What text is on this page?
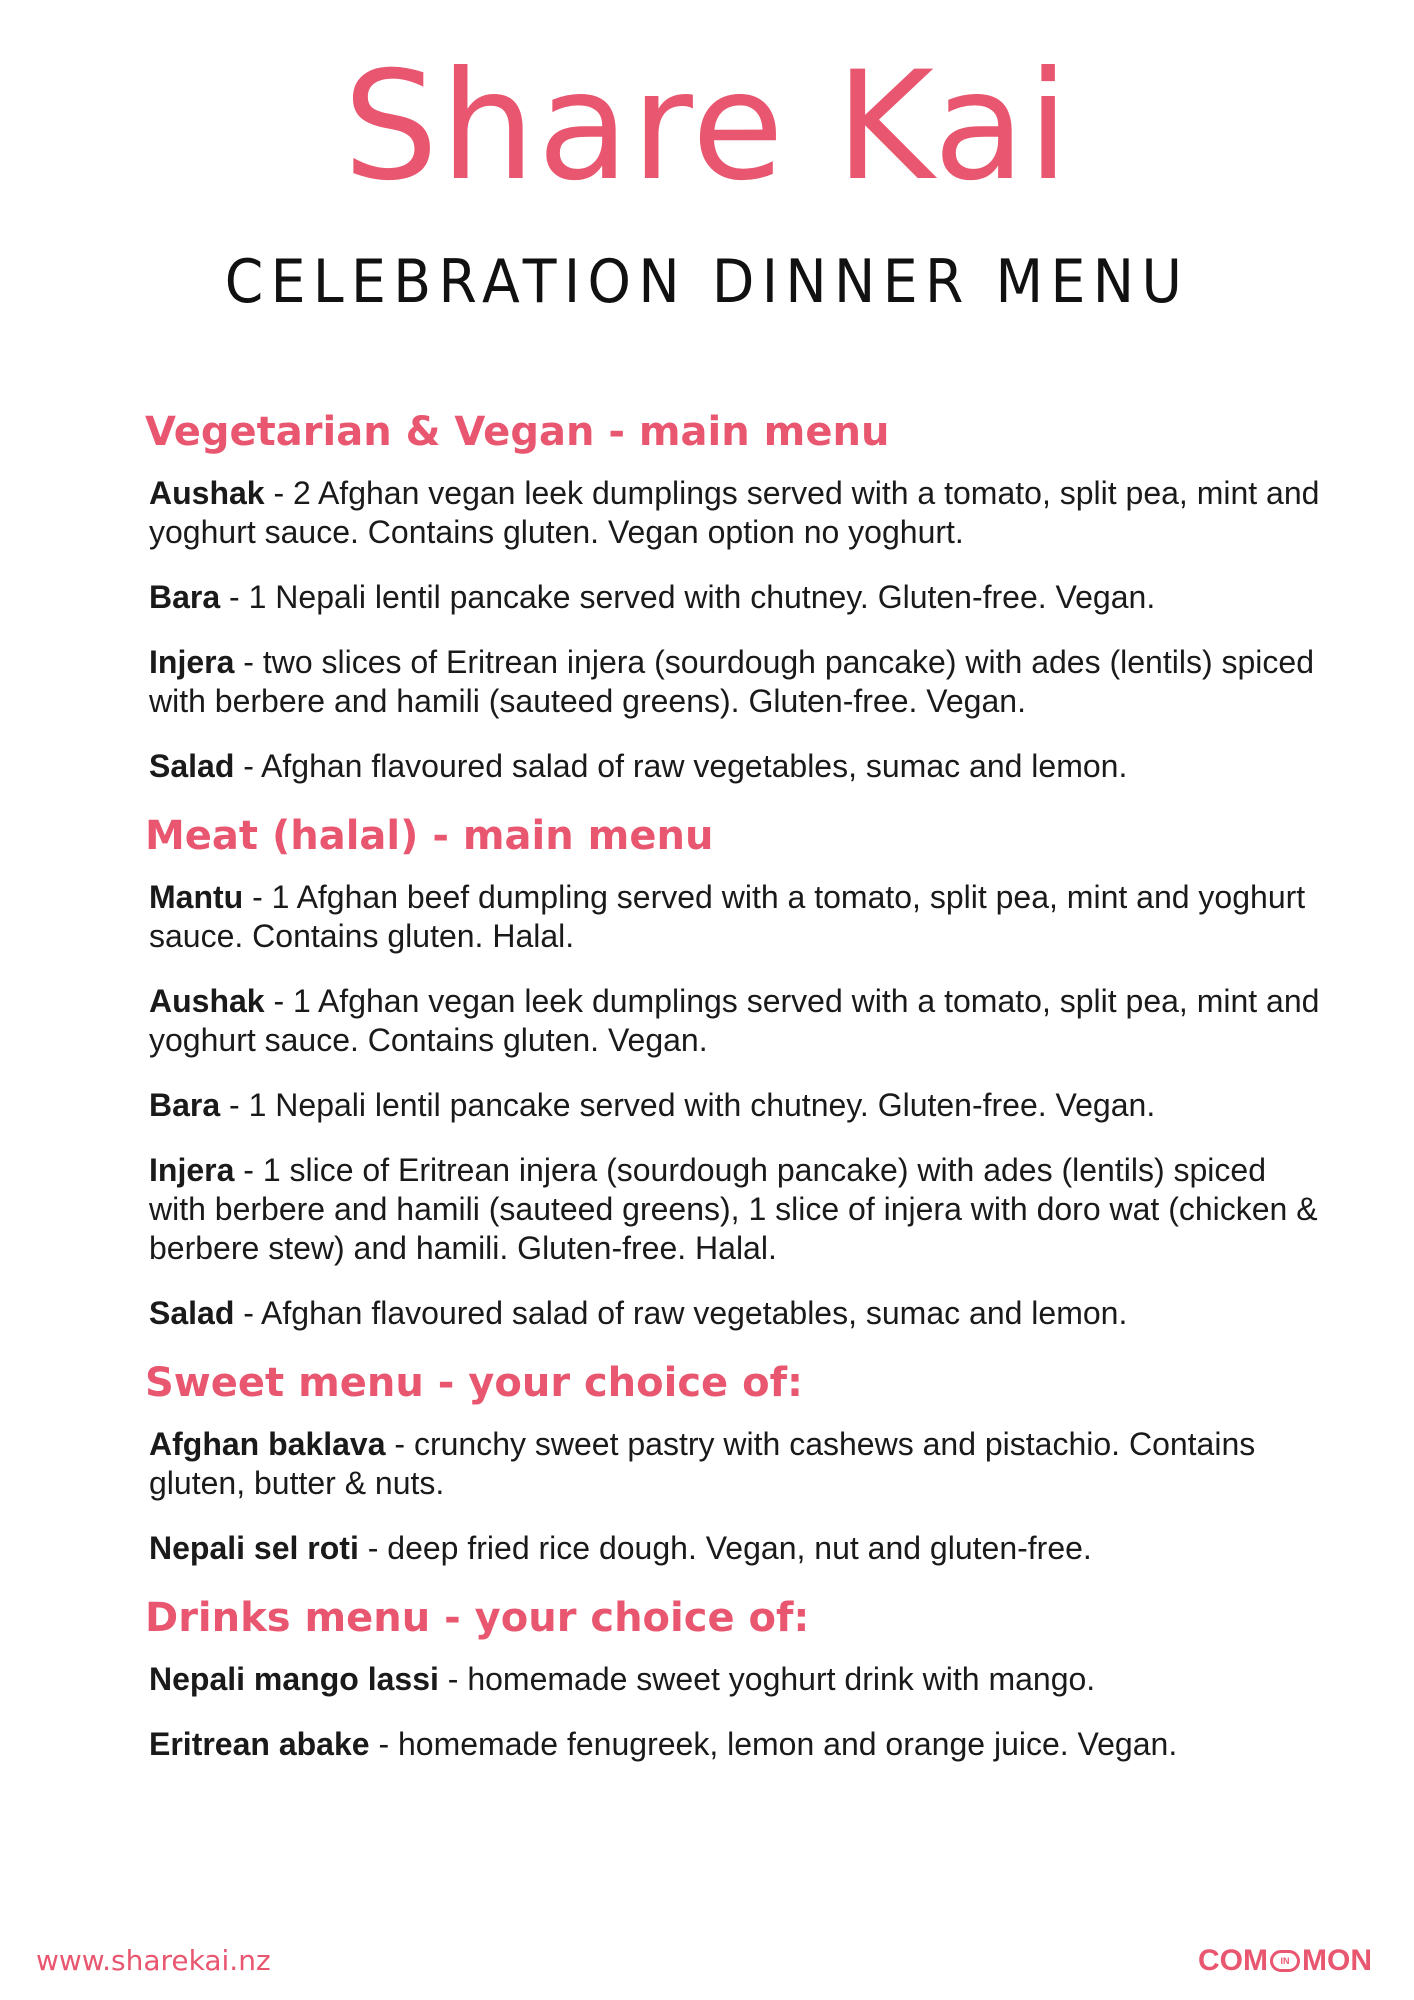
Share Kai
CELEBRATION DINNER MENU
Vegetarian & Vegan - main menu
Aushak - 2 Afghan vegan leek dumplings served with a tomato, split pea, mint and yoghurt sauce. Contains gluten. Vegan option no yoghurt.
Bara - 1 Nepali lentil pancake served with chutney. Gluten-free. Vegan.
Injera - two slices of Eritrean injera (sourdough pancake) with ades (lentils) spiced with berbere and hamili (sauteed greens). Gluten-free. Vegan.
Salad - Afghan flavoured salad of raw vegetables, sumac and lemon.
Meat (halal) - main menu
Mantu - 1 Afghan beef dumpling served with a tomato, split pea, mint and yoghurt sauce. Contains gluten. Halal.
Aushak - 1 Afghan vegan leek dumplings served with a tomato, split pea, mint and yoghurt sauce. Contains gluten. Vegan.
Bara - 1 Nepali lentil pancake served with chutney. Gluten-free. Vegan.
Injera - 1 slice of Eritrean injera (sourdough pancake) with ades (lentils) spiced with berbere and hamili (sauteed greens), 1 slice of injera with doro wat (chicken & berbere stew) and hamili. Gluten-free. Halal.
Salad - Afghan flavoured salad of raw vegetables, sumac and lemon.
Sweet menu - your choice of:
Afghan baklava - crunchy sweet pastry with cashews and pistachio. Contains gluten, butter & nuts.
Nepali sel roti - deep fried rice dough. Vegan, nut and gluten-free.
Drinks menu - your choice of:
Nepali mango lassi - homemade sweet yoghurt drink with mango.
Eritrean abake - homemade fenugreek, lemon and orange juice. Vegan.
www.sharekai.nz	COM	IN MON
